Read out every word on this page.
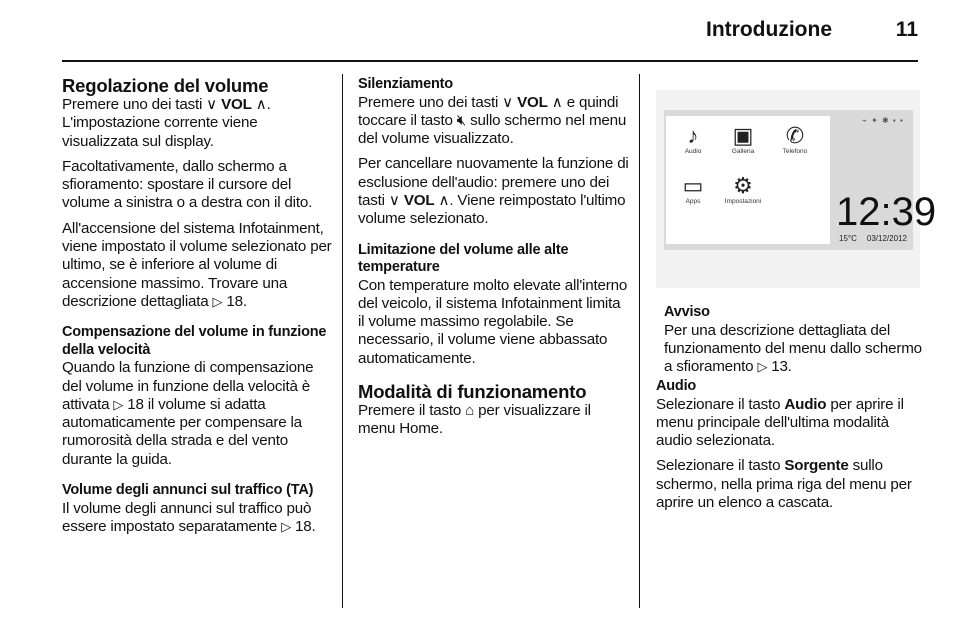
Introduzione	11
Regolazione del volume

Premere uno dei tasti ∨ VOL ∧. L'impostazione corrente viene visualizzata sul display.

Facoltativamente, dallo schermo a sfioramento: spostare il cursore del volume a sinistra o a destra con il dito.

All'accensione del sistema Infotainment, viene impostato il volume selezionato per ultimo, se è inferiore al volume di accensione massimo. Trovare una descrizione dettagliata ▷ 18.

Compensazione del volume in funzione della velocità

Quando la funzione di compensazione del volume in funzione della velocità è attivata ▷ 18 il volume si adatta automaticamente per compensare la rumorosità della strada e del vento durante la guida.

Volume degli annunci sul traffico (TA)

Il volume degli annunci sul traffico può essere impostato separatamente ▷ 18.

Silenziamento

Premere uno dei tasti ∨ VOL ∧ e quindi toccare il tasto 🔇︎ sullo schermo nel menu del volume visualizzato.

Per cancellare nuovamente la funzione di esclusione dell'audio: premere uno dei tasti ∨ VOL ∧. Viene reimpostato l'ultimo volume selezionato.

Limitazione del volume alle alte temperature

Con temperature molto elevate all'interno del veicolo, il sistema Infotainment limita il volume massimo regolabile. Se necessario, il volume viene abbassato automaticamente.

Modalità di funzionamento

Premere il tasto ⌂ per visualizzare il menu Home.

♪
Audio
▣
Galleria
✆
Telefono
▭
Apps
⚙
Impostazioni
⌁ ✦ ✱ ▪ ▪
12:39
15°C 03/12/2012
Avviso

Per una descrizione dettagliata del funzionamento del menu dallo schermo a sfioramento ▷ 13.

Audio

Selezionare il tasto Audio per aprire il menu principale dell'ultima modalità audio selezionata.

Selezionare il tasto Sorgente sullo schermo, nella prima riga del menu per aprire un elenco a cascata.
